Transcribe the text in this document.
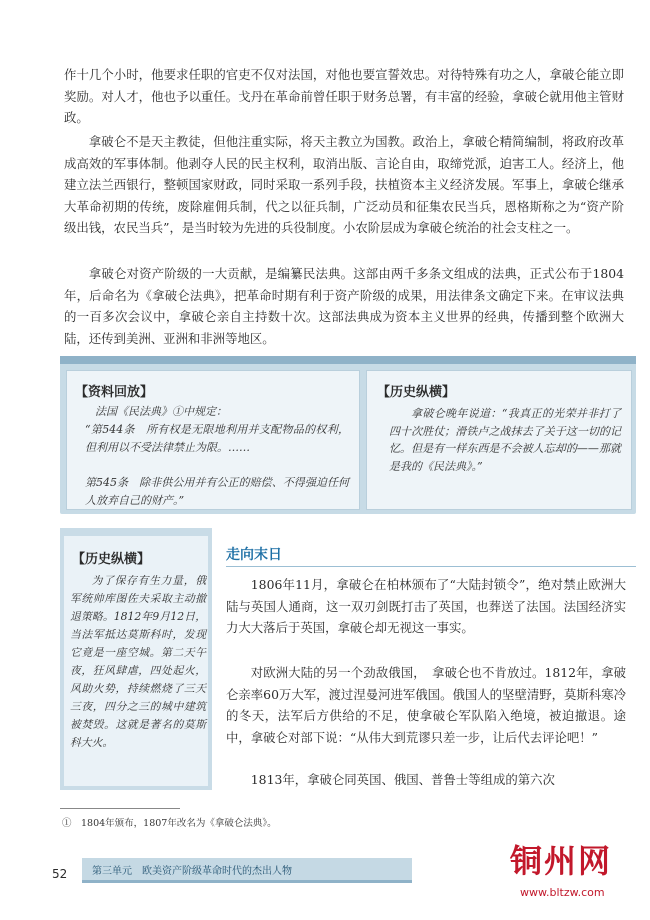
作十几个小时，他要求任职的官吏不仅对法国，对他也要宣誓效忠。对待特殊有功之人，拿破仑能立即奖励。对人才，他也予以重任。戈丹在革命前曾任职于财务总署，有丰富的经验，拿破仑就用他主管财政。

拿破仑不是天主教徒，但他注重实际，将天主教立为国教。政治上，拿破仑精简编制，将政府改革成高效的军事体制。他剥夺人民的民主权利，取消出版、言论自由，取缔党派，迫害工人。经济上，他建立法兰西银行，整顿国家财政，同时采取一系列手段，扶植资本主义经济发展。军事上，拿破仑继承大革命初期的传统，废除雇佣兵制，代之以征兵制，广泛动员和征集农民当兵，恩格斯称之为“资产阶级出钱，农民当兵”，是当时较为先进的兵役制度。小农阶层成为拿破仑统治的社会支柱之一。

拿破仑对资产阶级的一大贡献，是编纂民法典。这部由两千多条文组成的法典，正式公布于1804年，后命名为《拿破仑法典》，把革命时期有利于资产阶级的成果，用法律条文确定下来。在审议法典的一百多次会议中，拿破仑亲自主持数十次。这部法典成为资本主义世界的经典，传播到整个欧洲大陆，还传到美洲、亚洲和非洲等地区。

【资料回放】

法国《民法典》①中规定：

“第544条　所有权是无限地利用并支配物品的权利，但利用以不受法律禁止为限。……

第545条　除非供公用并有公正的赔偿、不得强迫任何人放弃自己的财产。”

【历史纵横】

拿破仑晚年说道：“我真正的光荣并非打了四十次胜仗；滑铁卢之战抹去了关于这一切的记忆。但是有一样东西是不会被人忘却的——那就是我的《民法典》。”

【历史纵横】

为了保存有生力量，俄军统帅库图佐夫采取主动撤退策略。1812年9月12日，当法军抵达莫斯科时，发现它竟是一座空城。第二天午夜，狂风肆虐，四处起火，风助火势，持续燃烧了三天三夜，四分之三的城中建筑被焚毁。这就是著名的莫斯科大火。

走向末日

1806年11月，拿破仑在柏林颁布了“大陆封锁令”，绝对禁止欧洲大陆与英国人通商，这一双刃剑既打击了英国，也葬送了法国。法国经济实力大大落后于英国，拿破仑却无视这一事实。

对欧洲大陆的另一个劲敌俄国，　拿破仑也不肯放过。1812年，拿破仑亲率60万大军，渡过涅曼河进军俄国。俄国人的坚壁清野，莫斯科寒冷的冬天，法军后方供给的不足，使拿破仑军队陷入绝境，被迫撤退。途中，拿破仑对部下说：“从伟大到荒谬只差一步，让后代去评论吧！”

1813年，拿破仑同英国、俄国、普鲁士等组成的第六次

①　1804年颁布，1807年改名为《拿破仑法典》。
52 第三单元　欧美资产阶级革命时代的杰出人物	铜州网
www.bltzw.com
